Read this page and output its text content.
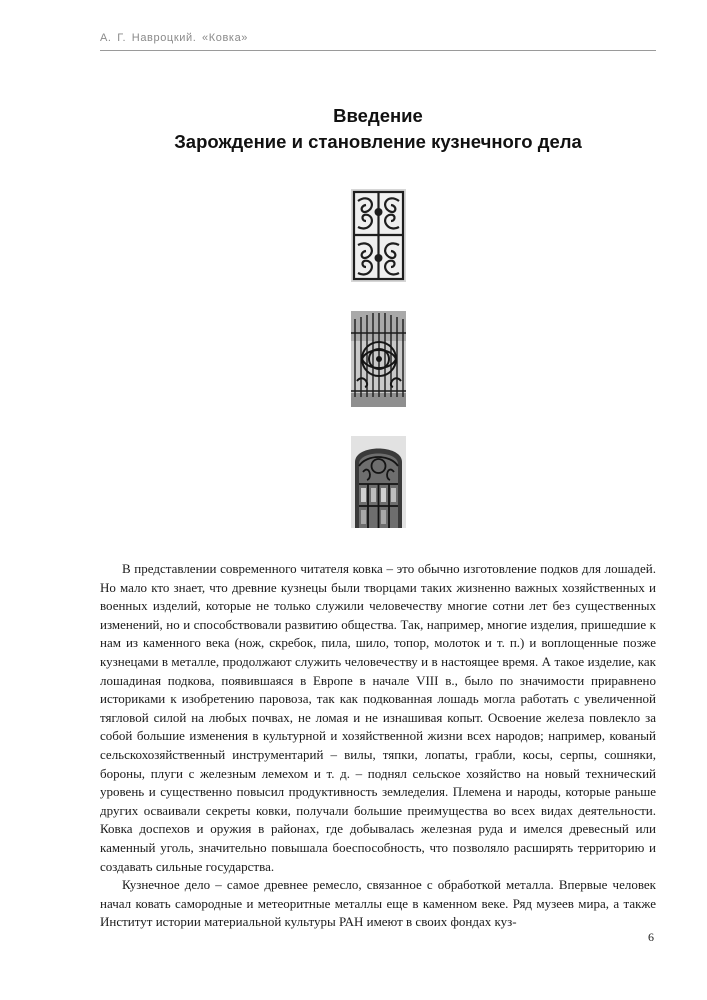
А. Г. Навроцкий. «Ковка»
Введение
Зарождение и становление кузнечного дела

В представлении современного читателя ковка – это обычно изготовление подков для лошадей. Но мало кто знает, что древние кузнецы были творцами таких жизненно важных хозяйственных и военных изделий, которые не только служили человечеству многие сотни лет без существенных изменений, но и способствовали развитию общества. Так, например, многие изделия, пришедшие к нам из каменного века (нож, скребок, пила, шило, топор, молоток и т. п.) и воплощенные позже кузнецами в металле, продолжают служить человечеству и в настоящее время. А такое изделие, как лошадиная подкова, появившаяся в Европе в начале VIII в., было по значимости приравнено историками к изобретению паровоза, так как подкованная лошадь могла работать с увеличенной тягловой силой на любых почвах, не ломая и не изнашивая копыт. Освоение железа повлекло за собой большие изменения в культурной и хозяйственной жизни всех народов; например, кованый сельскохозяйственный инструментарий – вилы, тяпки, лопаты, грабли, косы, серпы, сошняки, бороны, плуги с железным лемехом и т. д. – поднял сельское хозяйство на новый технический уровень и существенно повысил продуктивность земледелия. Племена и народы, которые раньше других осваивали секреты ковки, получали большие преимущества во всех видах деятельности. Ковка доспехов и оружия в районах, где добывалась железная руда и имелся древесный или каменный уголь, значительно повышала боеспособность, что позволяло расширять территорию и создавать сильные государства.

Кузнечное дело – самое древнее ремесло, связанное с обработкой металла. Впервые человек начал ковать самородные и метеоритные металлы еще в каменном веке. Ряд музеев мира, а также Институт истории материальной культуры РАН имеют в своих фондах куз-

6
